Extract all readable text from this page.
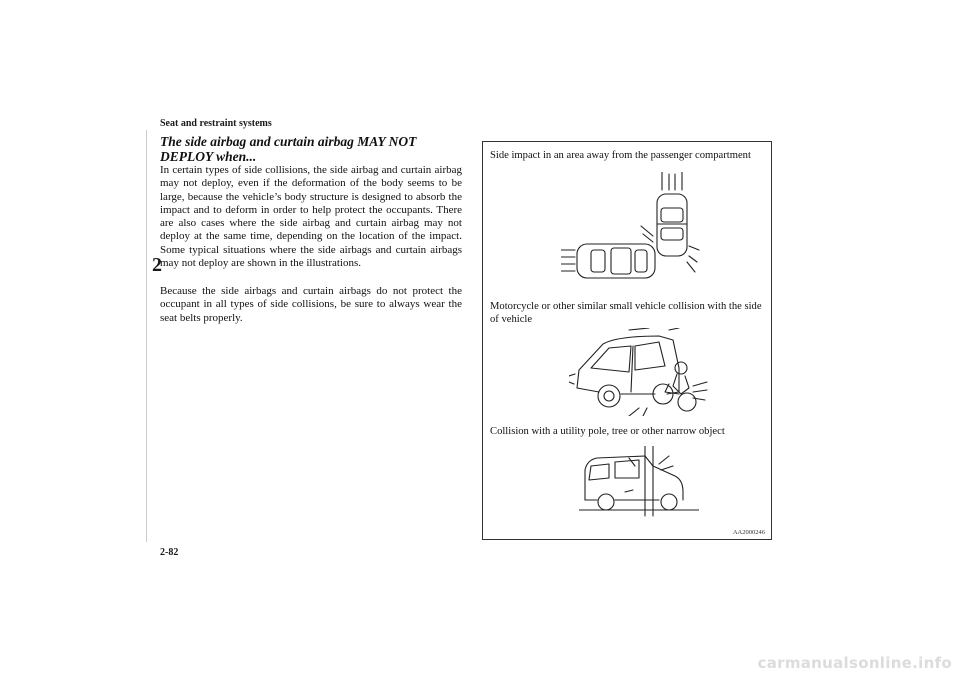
Seat and restraint systems
2
The side airbag and curtain airbag MAY NOT DEPLOY when...

In certain types of side collisions, the side airbag and curtain airbag may not deploy, even if the deformation of the body seems to be large, because the vehicle’s body structure is designed to absorb the impact and to deform in order to help protect the occupants. There are also cases where the side airbag and curtain airbag may not deploy at the same time, depending on the location of the impact. Some typical situations where the side airbags and curtain airbags may not deploy are shown in the illustrations.

Because the side airbags and curtain airbags do not protect the occupant in all types of side collisions, be sure to always wear the seat belts properly.

Side impact in an area away from the passenger compartment
Motorcycle or other similar small vehicle collision with the side of vehicle
Collision with a utility pole, tree or other narrow object
AA2000246
2-82
carmanualsonline.info
